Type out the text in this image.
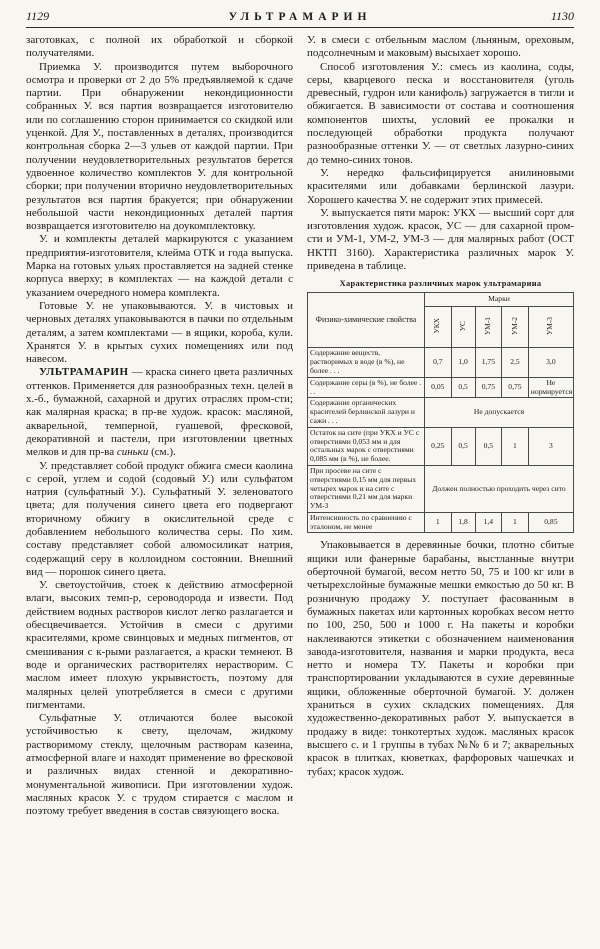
1129	УЛЬТРАМАРИН	1130

заготовках, с полной их обработкой и сборкой получателями.

Приемка У. производится путем выборочного осмотра и проверки от 2 до 5% предъявляемой к сдаче партии. При обнаружении некондиционности собранных У. вся партия возвращается изготовителю или по соглашению сторон принимается со скидкой или уценкой. Для У., поставленных в деталях, производится контрольная сборка 2—3 ульев от каждой партии. При получении неудовлетворительных результатов берется удвоенное количество комплектов У. для контрольной сборки; при получении вторично неудовлетворительных результатов вся партия бракуется; при обнаружении небольшой части некондиционных деталей партия возвращается изготовителю на доукомплектовку.

У. и комплекты деталей маркируются с указанием предприятия-изготовителя, клейма ОТК и года выпуска. Марка на готовых ульях проставляется на задней стенке корпуса вверху; в комплектах — на каждой детали с указанием очередного номера комплекта.

Готовые У. не упаковываются. У. в чистовых и черновых деталях упаковываются в пачки по отдельным деталям, а затем комплектами — в ящики, короба, кули. Хранятся У. в крытых сухих помещениях или под навесом.

УЛЬТРАМАРИН — краска синего цвета различных оттенков. Применяется для разнообразных техн. целей в х.-б., бумажной, сахарной и других отраслях пром-сти; как малярная краска; в пр-ве худож. красок: масляной, акварельной, темперной, гуашевой, фресковой, декоративной и пастели, при изготовлении цветных мелков и для пр-ва синьки (см.).

У. представляет собой продукт обжига смеси каолина с серой, углем и содой (содовый У.) или сульфатом натрия (сульфатный У.). Сульфатный У. зеленоватого цвета; для получения синего цвета его подвергают вторичному обжигу в окислительной среде с добавлением небольшого количества серы. По хим. составу представляет собой алюмосиликат натрия, содержащий серу в коллоидном состоянии. Внешний вид — порошок синего цвета.

У. светоустойчив, стоек к действию атмосферной влаги, высоких темп-р, сероводорода и извести. Под действием водных растворов кислот легко разлагается и обесцвечивается. Устойчив в смеси с другими красителями, кроме свинцовых и медных пигментов, от смешивания с к-рыми разлагается, а краски темнеют. В воде и органических растворителях нерастворим. С маслом имеет плохую укрывистость, поэтому для малярных целей употребляется в смеси с другими пигментами.

Сульфатные У. отличаются более высокой устойчивостью к свету, щелочам, жидкому растворимому стеклу, щелочным растворам казеина, атмосферной влаге и находят применение во фресковой и различных видах стенной и декоративно-монументальной живописи. При изготовлении худож. масляных красок У. с трудом стирается с маслом и поэтому требует введения в состав связующего воска.

У. в смеси с отбельным маслом (льняным, ореховым, подсолнечным и маковым) высыхает хорошо.

Способ изготовления У.: смесь из каолина, соды, серы, кварцевого песка и восстановителя (уголь древесный, гудрон или канифоль) загружается в тигли и обжигается. В зависимости от состава и соотношения компонентов шихты, условий ее прокалки и последующей обработки продукта получают разнообразные оттенки У. — от светлых лазурно-синих до темно-синих тонов.

У. нередко фальсифицируется анилиновыми красителями или добавками берлинской лазури. Хорошего качества У. не содержит этих примесей.

У. выпускается пяти марок: УКХ — высший сорт для изготовления худож. красок, УС — для сахарной пром-сти и УМ-1, УМ-2, УМ-3 — для малярных работ (ОСТ НКТП 3160). Характеристика различных марок У. приведена в таблице.

Характеристика различных марок ультрамарина
Физико-химические свойства	Марки				
	УКХ	УС	УМ-1	УМ-2	УМ-3
Содержание веществ, растворимых в воде (в %), не более . . .	0,7	1,0	1,75	2,5	3,0
Содержание серы (в %), не более . . .	0,05	0,5	0,75	0,75	Не нормируется
Содержание органических красителей берлинской лазури и сажи . . .	Не допускается				
Остаток на сите (при УКХ и УС с отверстиями 0,053 мм и для остальных марок с отверстиями 0,085 мм (в %), не более.	0,25	0,5	0,5	1	3
При просеве на сите с отверстиями 0,15 мм для первых четырех марок и на сите с отверстиями 0,21 мм для марки УМ-3	Должен полностью проходить через сито				
Интенсивность по сравнению с эталоном, не менее	1	1,8	1,4	1	0,85

Упаковывается в деревянные бочки, плотно сбитые ящики или фанерные барабаны, выстланные внутри оберточной бумагой, весом нетто 50, 75 и 100 кг или в четырехслойные бумажные мешки емкостью до 50 кг. В розничную продажу У. поступает фасованным в бумажных пакетах или картонных коробках весом нетто по 100, 250, 500 и 1000 г. На пакеты и коробки наклеиваются этикетки с обозначением наименования завода-изготовителя, названия и марки продукта, веса нетто и номера ТУ. Пакеты и коробки при транспортировании укладываются в сухие деревянные ящики, обложенные оберточной бумагой. У. должен храниться в сухих складских помещениях. Для художественно-декоративных работ У. выпускается в продажу в виде: тонкотертых худож. масляных красок высшего с. и 1 группы в тубах №№ 6 и 7; акварельных красок в плитках, кюветках, фарфоровых чашечках и тубах; красок худож.
